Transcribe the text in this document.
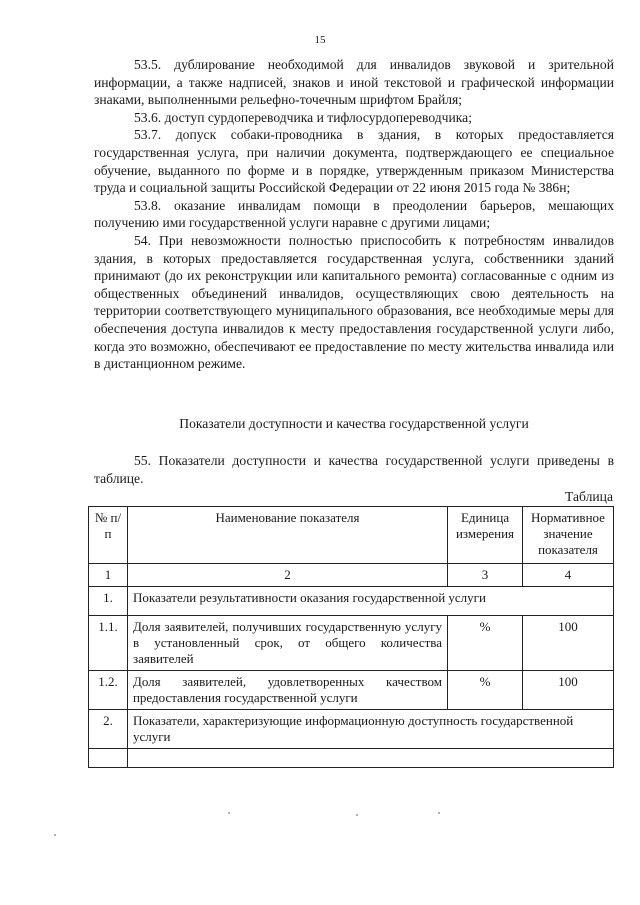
15

53.5. дублирование необходимой для инвалидов звуковой и зрительной информации, а также надписей, знаков и иной текстовой и графической информации знаками, выполненными рельефно-точечным шрифтом Брайля;

53.6. доступ сурдопереводчика и тифлосурдопереводчика;

53.7. допуск собаки-проводника в здания, в которых предоставляется государственная услуга, при наличии документа, подтверждающего ее специальное обучение, выданного по форме и в порядке, утвержденным приказом Министерства труда и социальной защиты Российской Федерации от 22 июня 2015 года № 386н;

53.8. оказание инвалидам помощи в преодолении барьеров, мешающих получению ими государственной услуги наравне с другими лицами;

54. При невозможности полностью приспособить к потребностям инвалидов здания, в которых предоставляется государственная услуга, собственники зданий принимают (до их реконструкции или капитального ремонта) согласованные с одним из общественных объединений инвалидов, осуществляющих свою деятельность на территории соответствующего муниципального образования, все необходимые меры для обеспечения доступа инвалидов к месту предоставления государственной услуги либо, когда это возможно, обеспечивают ее предоставление по месту жительства инвалида или в дистанционном режиме.

Показатели доступности и качества государственной услуги

55. Показатели доступности и качества государственной услуги приведены в таблице.

Таблица
№ п/п	Наименование показателя	Единица измерения	Нормативное значение показателя
1	2	3	4
1.	Показатели результативности оказания государственной услуги		
1.1.	Доля заявителей, получивших государственную услугу в установленный срок, от общего количества заявителей	%	100
1.2.	Доля заявителей, удовлетворенных качеством предоставления государственной услуги	%	100
2.	Показатели, характеризующие информационную доступность государственной услуги		
